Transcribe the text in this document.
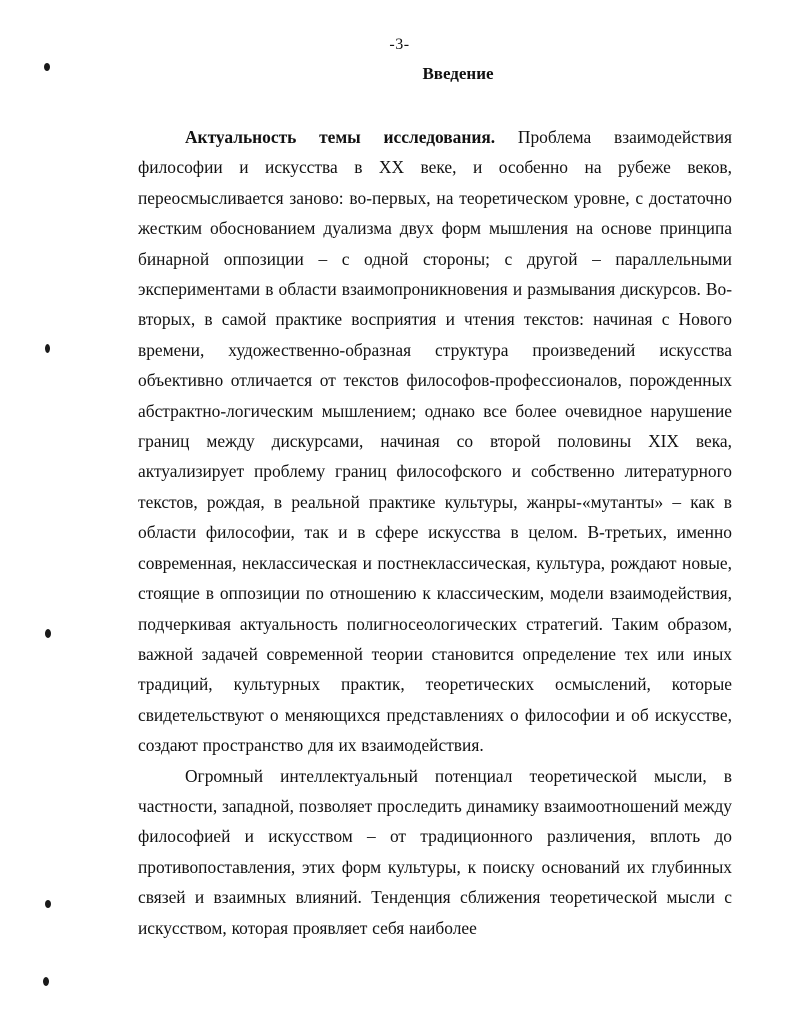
-3-
Введение

Актуальность темы исследования. Проблема взаимодействия философии и искусства в XX веке, и особенно на рубеже веков, переосмысливается заново: во-первых, на теоретическом уровне, с достаточно жестким обоснованием дуализма двух форм мышления на основе принципа бинарной оппозиции – с одной стороны; с другой – параллельными экспериментами в области взаимопроникновения и размывания дискурсов. Во-вторых, в самой практике восприятия и чтения текстов: начиная с Нового времени, художественно-образная структура произведений искусства объективно отличается от текстов философов-профессионалов, порожденных абстрактно-логическим мышлением; однако все более очевидное нарушение границ между дискурсами, начиная со второй половины XIX века, актуализирует проблему границ философского и собственно литературного текстов, рождая, в реальной практике культуры, жанры-«мутанты» – как в области философии, так и в сфере искусства в целом. В-третьих, именно современная, неклассическая и постнеклассическая, культура, рождают новые, стоящие в оппозиции по отношению к классическим, модели взаимодействия, подчеркивая актуальность полигносеологических стратегий. Таким образом, важной задачей современной теории становится определение тех или иных традиций, культурных практик, теоретических осмыслений, которые свидетельствуют о меняющихся представлениях о философии и об искусстве, создают пространство для их взаимодействия.

Огромный интеллектуальный потенциал теоретической мысли, в частности, западной, позволяет проследить динамику взаимоотношений между философией и искусством – от традиционного различения, вплоть до противопоставления, этих форм культуры, к поиску оснований их глубинных связей и взаимных влияний. Тенденция сближения теоретической мысли с искусством, которая проявляет себя наиболее
